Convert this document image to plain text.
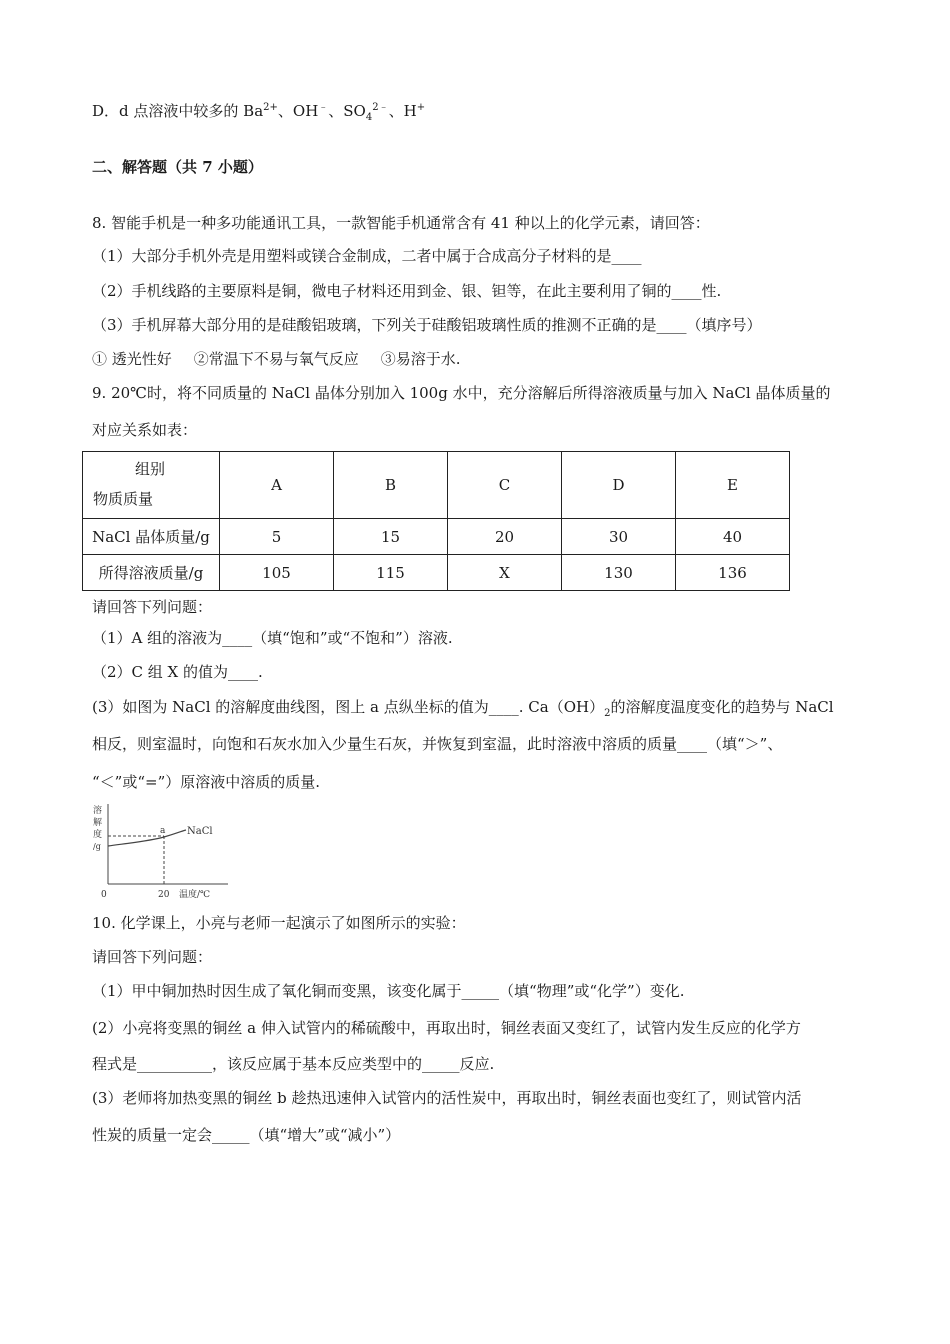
D．d 点溶液中较多的 $Ba^{2+}$、OH﹣、$SO_4^{2﹣}$、H+
二、解答题（共 7 小题）
8. 智能手机是一种多功能通讯工具，一款智能手机通常含有 41 种以上的化学元素，请回答：
（1）大部分手机外壳是用塑料或镁合金制成，二者中属于合成高分子材料的是____
（2）手机线路的主要原料是铜，微电子材料还用到金、银、钽等，在此主要利用了铜的____性.
（3）手机屏幕大部分用的是硅酸铝玻璃，下列关于硅酸铝玻璃性质的推测不正确的是____（填序号）
① 透光性好 ②常温下不易与氧气反应 ③易溶于水.
9. 20℃时，将不同质量的 NaCl 晶体分别加入 100g 水中，充分溶解后所得溶液质量与加入 NaCl 晶体质量的
对应关系如表：
组别
物质质量	A	B	C	D	E
NaCl 晶体质量/g	5	15	20	30	40
所得溶液质量/g	105	115	X	130	136
请回答下列问题：
（1）A 组的溶液为____（填“饱和”或“不饱和”）溶液.
（2）C 组 X 的值为____.
(3）如图为 NaCl 的溶解度曲线图，图上 a 点纵坐标的值为____. $Ca(OH)_2$的溶解度温度变化的趋势与 NaCl
相反，则室温时，向饱和石灰水加入少量生石灰，并恢复到室温，此时溶液中溶质的质量____（填“＞”、
“＜”或“=”）原溶液中溶质的质量.
溶
解
度
/g
a NaCl
0	20 温度/℃
10. 化学课上，小亮与老师一起演示了如图所示的实验：
请回答下列问题：
（1）甲中铜加热时因生成了氧化铜而变黑，该变化属于_____（填“物理”或“化学”）变化.
(2）小亮将变黑的铜丝 a 伸入试管内的稀硫酸中，再取出时，铜丝表面又变红了，试管内发生反应的化学方
程式是__________，该反应属于基本反应类型中的_____反应.
(3）老师将加热变黑的铜丝 b 趁热迅速伸入试管内的活性炭中，再取出时，铜丝表面也变红了，则试管内活
性炭的质量一定会_____（填“增大”或“减小”）
